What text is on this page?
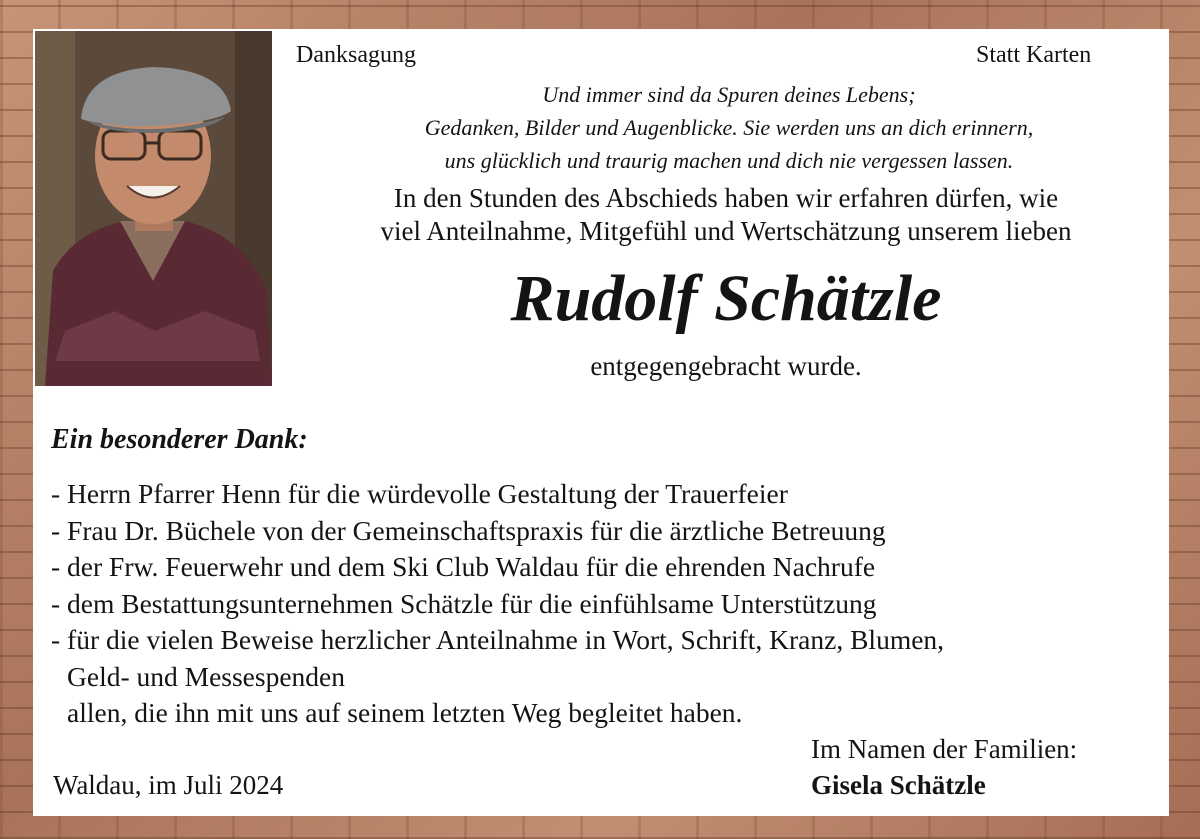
Danksagung	Statt Karten
Und immer sind da Spuren deines Lebens;
Gedanken, Bilder und Augenblicke. Sie werden uns an dich erinnern,
uns glücklich und traurig machen und dich nie vergessen lassen.
In den Stunden des Abschieds haben wir erfahren dürfen, wie
viel Anteilnahme, Mitgefühl und Wertschätzung unserem lieben
Rudolf Schätzle
entgegengebracht wurde.
Ein besonderer Dank:
- Herrn Pfarrer Henn für die würdevolle Gestaltung der Trauerfeier
- Frau Dr. Büchele von der Gemeinschaftspraxis für die ärztliche Betreuung
- der Frw. Feuerwehr und dem Ski Club Waldau für die ehrenden Nachrufe
- dem Bestattungsunternehmen Schätzle für die einfühlsame Unterstützung
- für die vielen Beweise herzlicher Anteilnahme in Wort, Schrift, Kranz, Blumen,
Geld- und Messespenden
allen, die ihn mit uns auf seinem letzten Weg begleitet haben.
Waldau, im Juli 2024
Im Namen der Familien:
Gisela Schätzle
